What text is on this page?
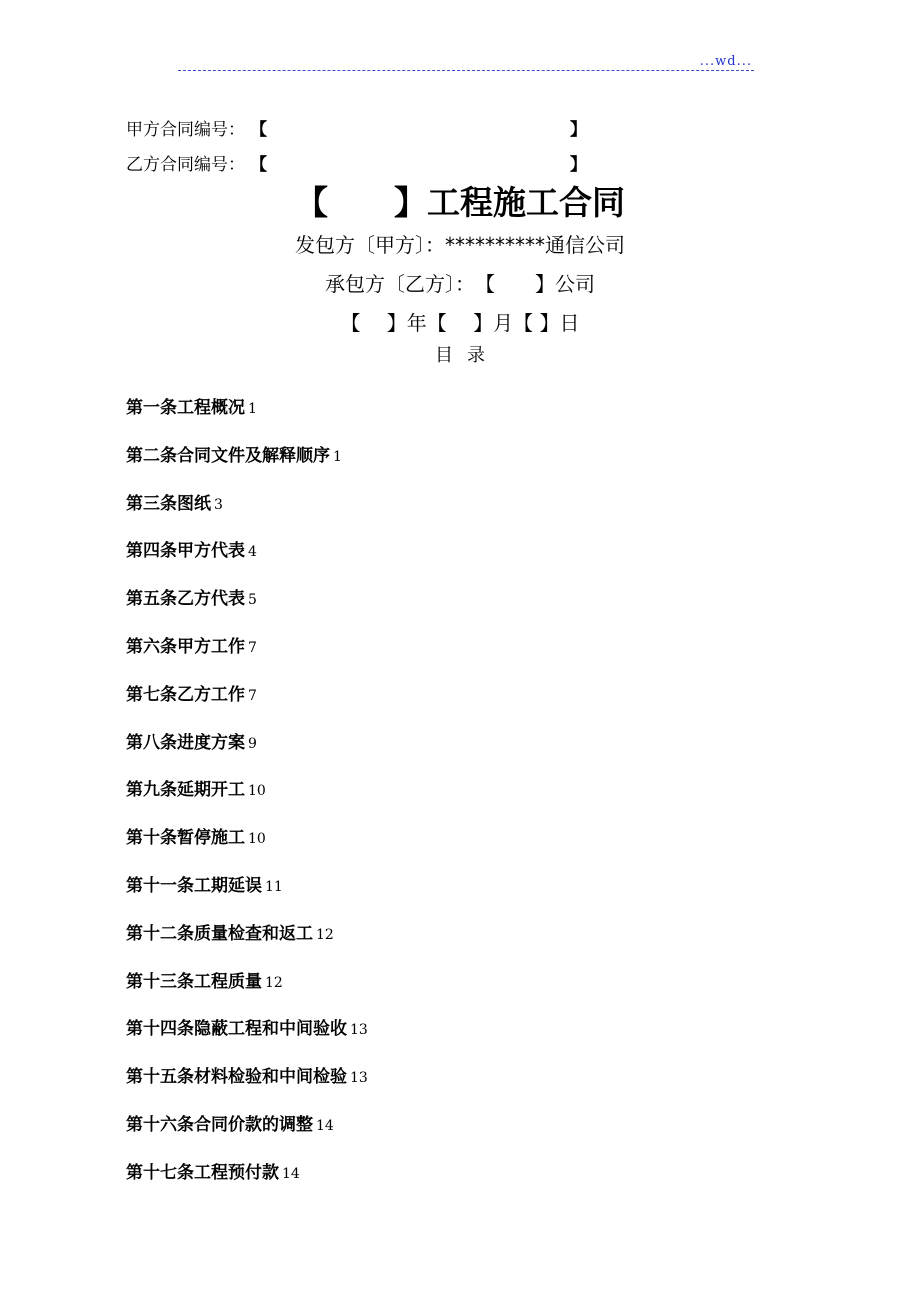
...wd...
甲方合同编号： 【	】
乙方合同编号： 【	】
【　　】工程施工合同
发包方〔甲方〕：**********通信公司
承包方〔乙方〕：　【　　】公司
【　 】年【　 】月【 】日
目录
第一条工程概况 1
第二条合同文件及解释顺序 1
第三条图纸 3
第四条甲方代表 4
第五条乙方代表 5
第六条甲方工作 7
第七条乙方工作 7
第八条进度方案 9
第九条延期开工 10
第十条暂停施工 10
第十一条工期延误 11
第十二条质量检查和返工 12
第十三条工程质量 12
第十四条隐蔽工程和中间验收 13
第十五条材料检验和中间检验 13
第十六条合同价款的调整 14
第十七条工程预付款 14
